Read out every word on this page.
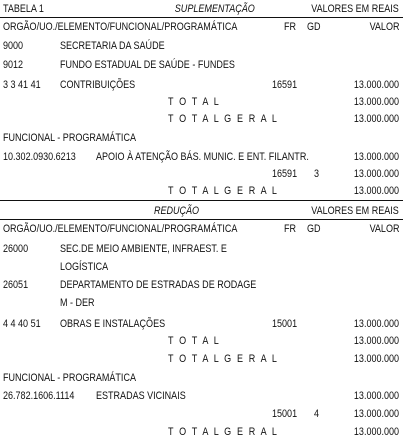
TABELA 1	SUPLEMENTAÇÃO	VALORES EM REAIS
ORGÃO/UO./ELEMENTO/FUNCIONAL/PROGRAMÁTICA	FR GD	VALOR
9000	SECRETARIA DA SAÚDE
9012	FUNDO ESTADUAL DE SAÚDE - FUNDES
3 3 41 41 CONTRIBUIÇÕES	16591	13.000.000
T O T A L	13.000.000
T O T A L G E R A L	13.000.000
FUNCIONAL - PROGRAMÁTICA
10.302.0930.6213 APOIO À ATENÇÃO BÁS. MUNIC. E ENT. FILANTR.	13.000.000
16591 3	13.000.000
T O T A L G E R A L	13.000.000
REDUÇÃO	VALORES EM REAIS
ORGÃO/UO./ELEMENTO/FUNCIONAL/PROGRAMÁTICA	FR GD	VALOR
26000	SEC.DE MEIO AMBIENTE, INFRAEST. E
LOGÍSTICA
26051	DEPARTAMENTO DE ESTRADAS DE RODAGE
M - DER
4 4 40 51 OBRAS E INSTALAÇÕES	15001	13.000.000
T O T A L	13.000.000
T O T A L G E R A L	13.000.000
FUNCIONAL - PROGRAMÁTICA
26.782.1606.1114 ESTRADAS VICINAIS	13.000.000
15001 4	13.000.000
T O T A L G E R A L	13.000.000
